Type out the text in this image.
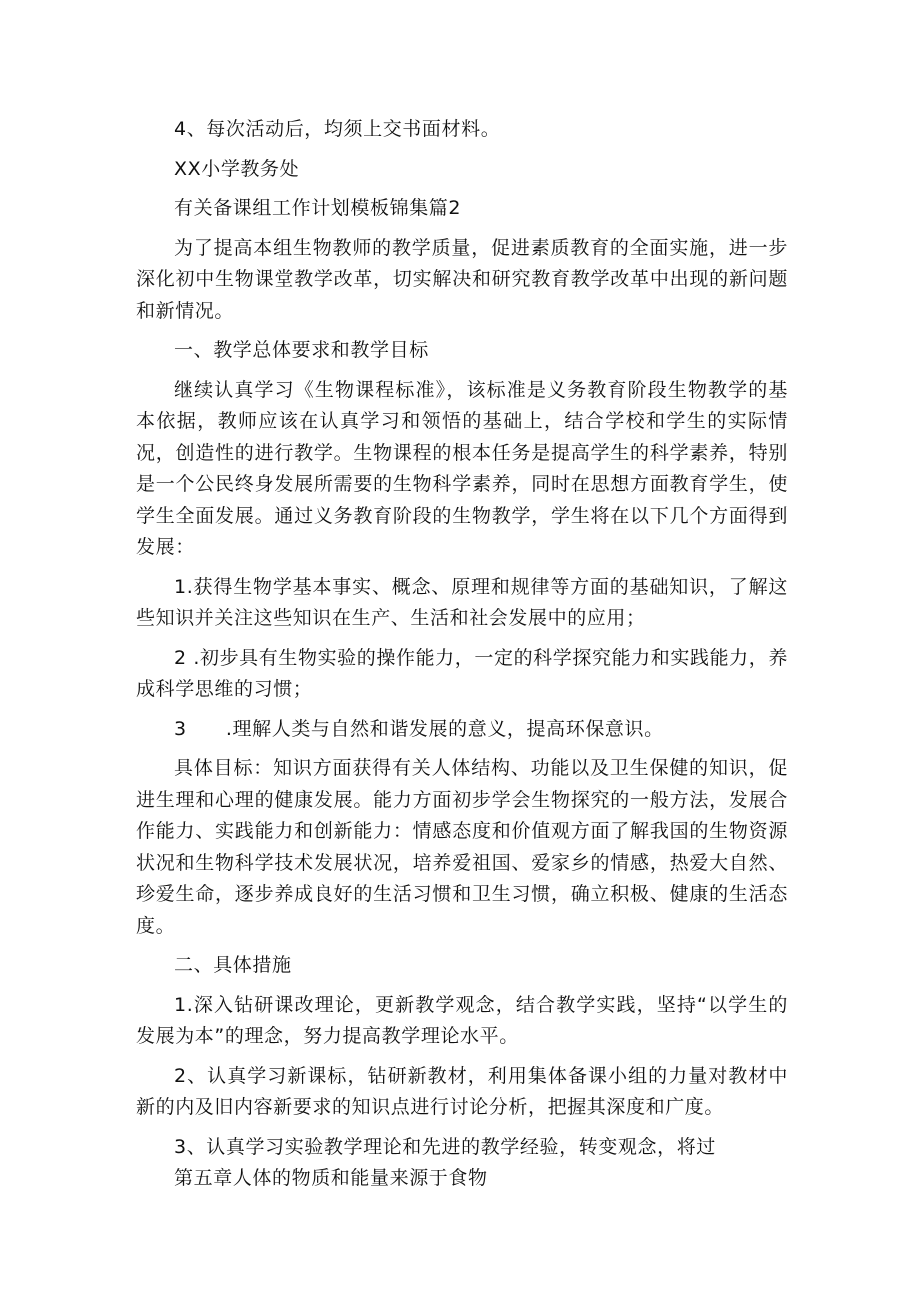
4、每次活动后，均须上交书面材料。

XX小学教务处

有关备课组工作计划模板锦集篇2

为了提高本组生物教师的教学质量，促进素质教育的全面实施，进一步深化初中生物课堂教学改革，切实解决和研究教育教学改革中出现的新问题和新情况。

一、教学总体要求和教学目标

继续认真学习《生物课程标准》，该标准是义务教育阶段生物教学的基本依据，教师应该在认真学习和领悟的基础上，结合学校和学生的实际情况，创造性的进行教学。生物课程的根本任务是提高学生的科学素养，特别是一个公民终身发展所需要的生物科学素养，同时在思想方面教育学生，使学生全面发展。通过义务教育阶段的生物教学，学生将在以下几个方面得到发展：

1.获得生物学基本事实、概念、原理和规律等方面的基础知识，了解这些知识并关注这些知识在生产、生活和社会发展中的应用；

2 .初步具有生物实验的操作能力，一定的科学探究能力和实践能力，养成科学思维的习惯；

3　　.理解人类与自然和谐发展的意义，提高环保意识。

具体目标：知识方面获得有关人体结构、功能以及卫生保健的知识，促进生理和心理的健康发展。能力方面初步学会生物探究的一般方法，发展合作能力、实践能力和创新能力：情感态度和价值观方面了解我国的生物资源状况和生物科学技术发展状况，培养爱祖国、爱家乡的情感，热爱大自然、珍爱生命，逐步养成良好的生活习惯和卫生习惯，确立积极、健康的生活态度。

二、具体措施

1.深入钻研课改理论，更新教学观念，结合教学实践，坚持“以学生的发展为本”的理念，努力提高教学理论水平。

2、认真学习新课标，钻研新教材，利用集体备课小组的力量对教材中新的内及旧内容新要求的知识点进行讨论分析，把握其深度和广度。

3、认真学习实验教学理论和先进的教学经验，转变观念，将过

第五章人体的物质和能量来源于食物
